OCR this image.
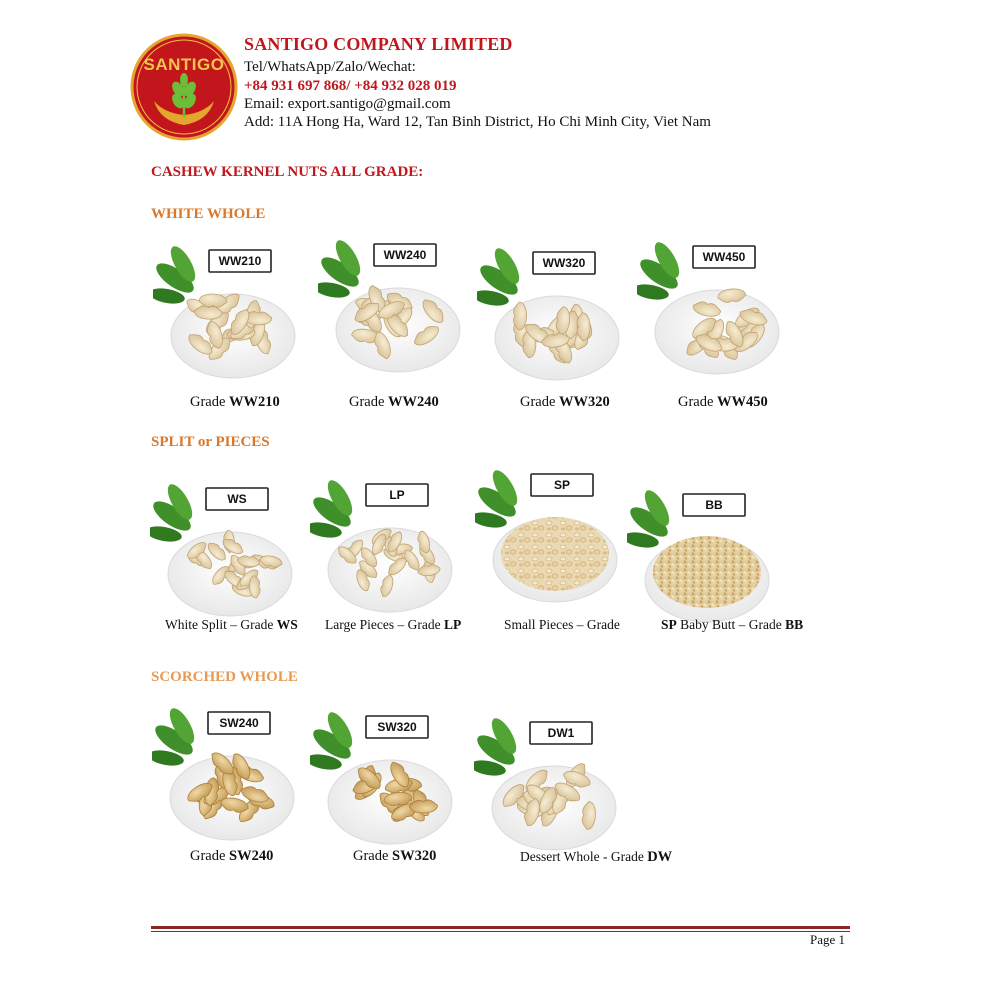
SANTIGO
SANTIGO COMPANY LIMITED
Tel/WhatsApp/Zalo/Wechat:
+84 931 697 868/ +84 932 028 019
Email: export.santigo@gmail.com
Add: 11A Hong Ha, Ward 12, Tan Binh District, Ho Chi Minh City, Viet Nam
CASHEW KERNEL NUTS ALL GRADE:
WHITE WHOLE
WW210	WW240
WW320	WW450
Grade WW210	Grade WW240	Grade WW320	Grade WW450
SPLIT or PIECES
WS	LP
SP
BB
White Split – Grade WS Large Pieces – Grade LP	Small Pieces – Grade	SP Baby Butt – Grade BB
SCORCHED WHOLE
SW240	SW320	DW1
Grade SW240	Grade SW320	Dessert Whole - Grade DW
Page 1
